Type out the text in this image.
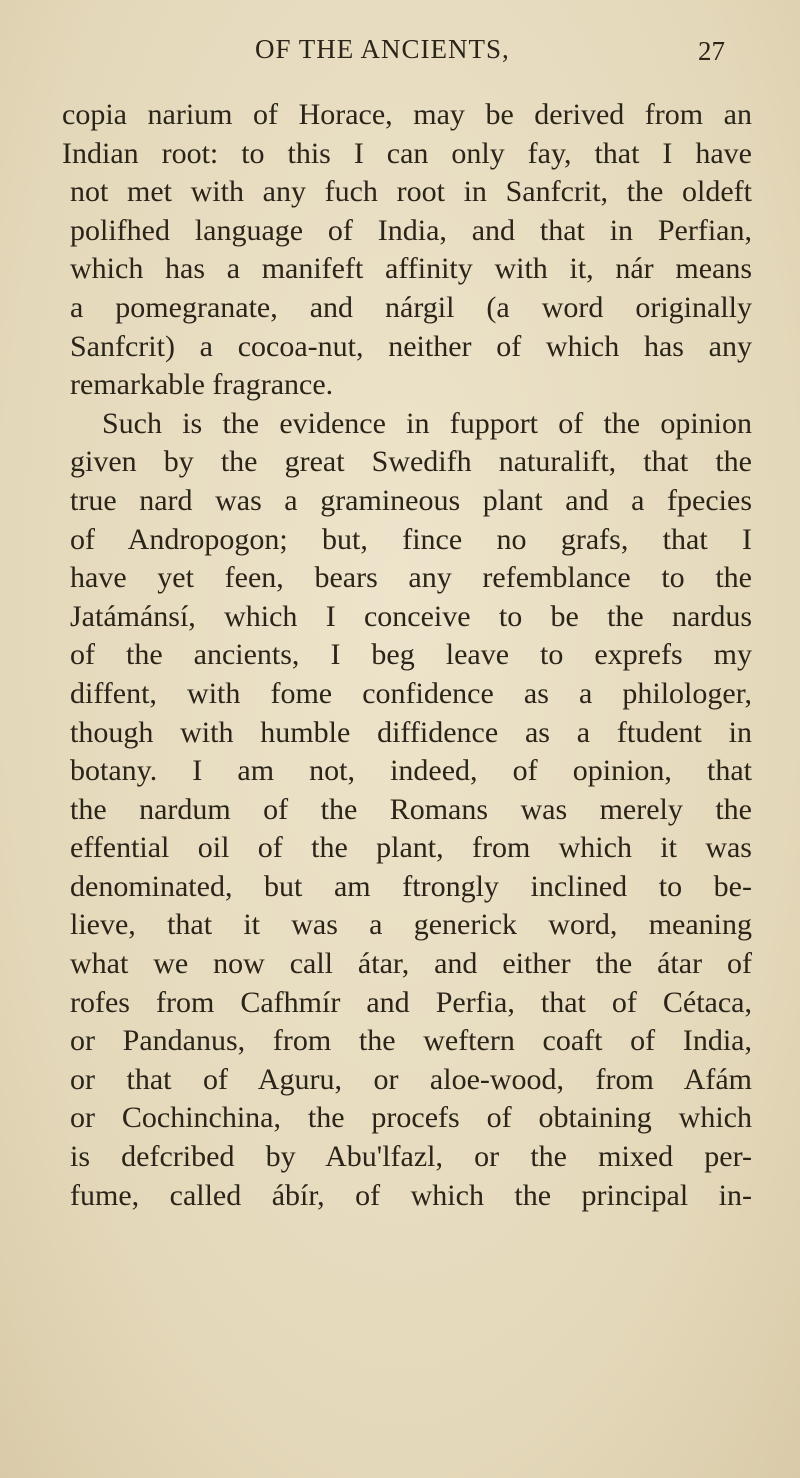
OF THE ANCIENTS,	27
copia narium of Horace, may be derived from an
Indian root: to this I can only fay, that I have
not met with any fuch root in Sanfcrit, the oldeft
polifhed language of India, and that in Perfian,
which has a manifeft affinity with it, nár means
a pomegranate, and nárgil (a word originally
Sanfcrit) a cocoa-nut, neither of which has any
remarkable fragrance.
Such is the evidence in fupport of the opinion
given by the great Swedifh naturalift, that the
true nard was a gramineous plant and a fpecies
of Andropogon; but, fince no grafs, that I
have yet feen, bears any refemblance to the
Jatámánsí, which I conceive to be the nardus
of the ancients, I beg leave to exprefs my
diffent, with fome confidence as a philologer,
though with humble diffidence as a ftudent in
botany. I am not, indeed, of opinion, that
the nardum of the Romans was merely the
effential oil of the plant, from which it was
denominated, but am ftrongly inclined to be-
lieve, that it was a generick word, meaning
what we now call átar, and either the átar of
rofes from Cafhmír and Perfia, that of Cétaca,
or Pandanus, from the weftern coaft of India,
or that of Aguru, or aloe-wood, from Afám
or Cochinchina, the procefs of obtaining which
is defcribed by Abu'lfazl, or the mixed per-
fume, called ábír, of which the principal in-
